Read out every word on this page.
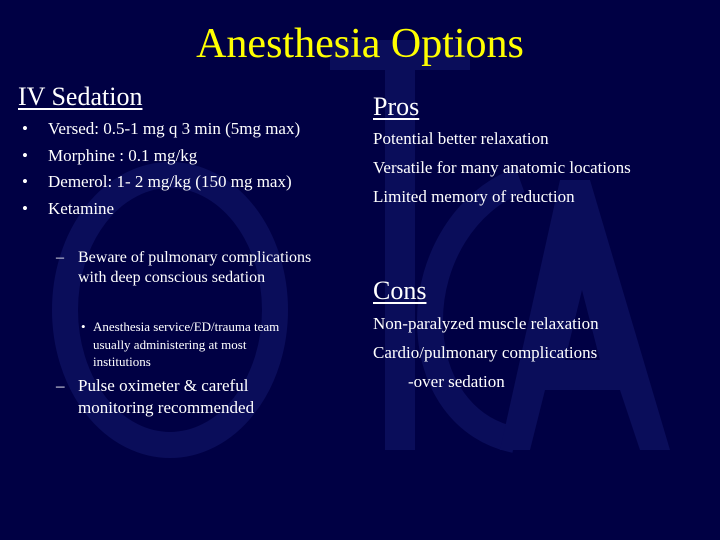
Anesthesia Options
IV Sedation
• Versed: 0.5-1 mg q 3 min (5mg max)
• Morphine : 0.1 mg/kg
• Demerol: 1- 2 mg/kg (150 mg max)
• Ketamine
– Beware of pulmonary complications
with deep conscious sedation
• Anesthesia service/ED/trauma team
usually administering at most
institutions
– Pulse oximeter & careful
monitoring recommended
Pros
Potential better relaxation
Versatile for many anatomic locations
Limited memory of reduction
Cons
Non-paralyzed muscle relaxation
Cardio/pulmonary complications
-over sedation
